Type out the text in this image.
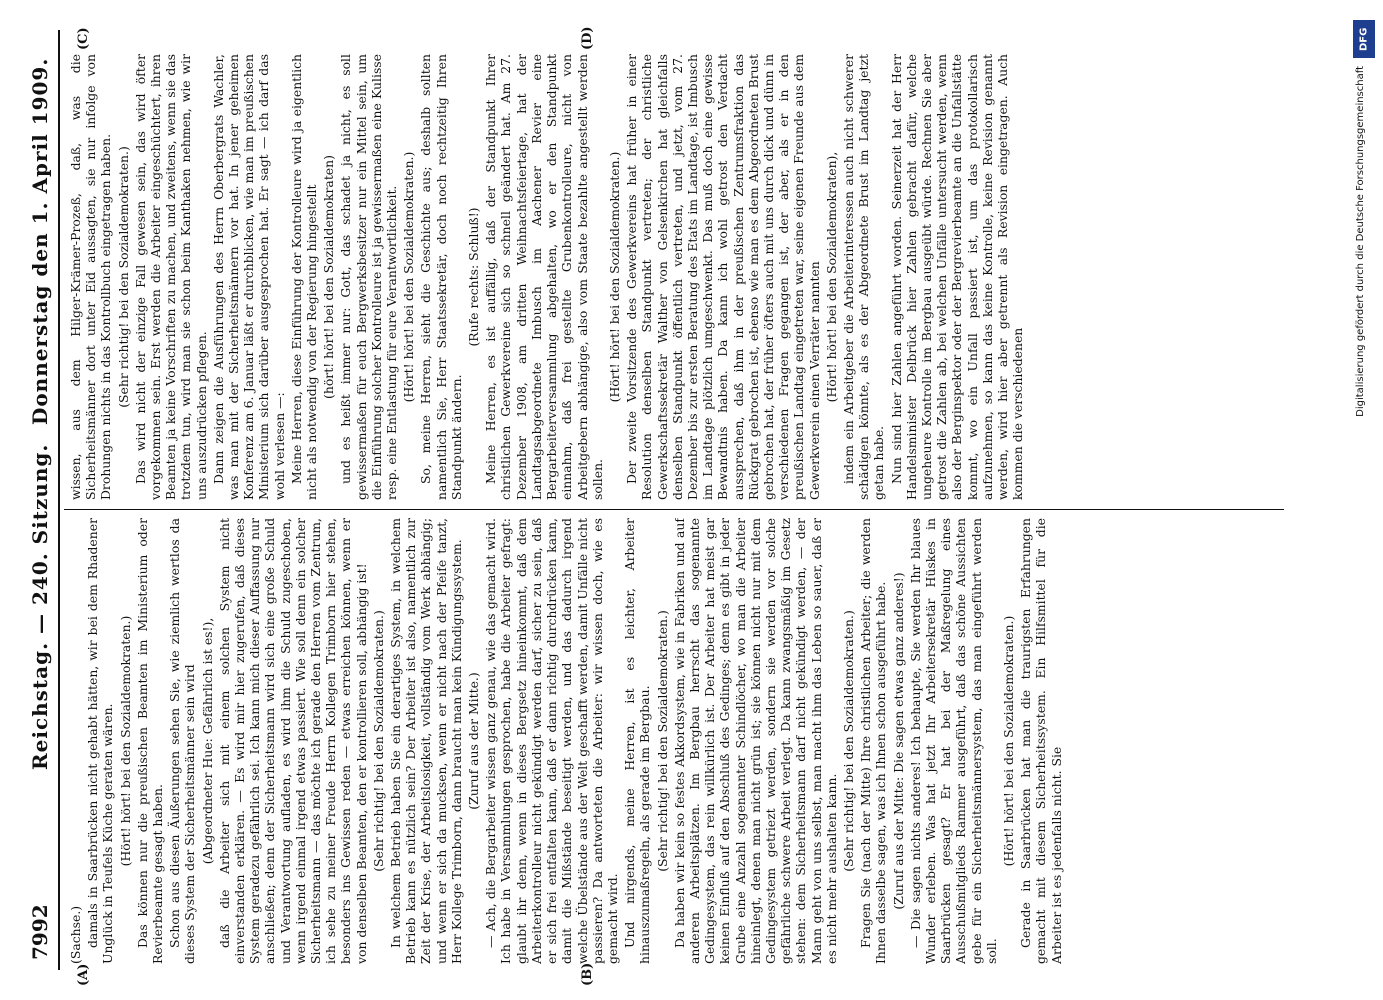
7992
Reichstag. — 240. Sitzung.
Donnerstag den 1. April 1909.
(A)	(B)
(C)	(D)

(Sachse.) damals in Saarbrücken nicht gehabt hätten, wir bei dem Rhadener Unglück in Teufels Küche geraten wären. (Hört! hört! bei den Sozialdemokraten.) Das können nur die preußischen Beamten im Ministerium oder Revierbeamte gesagt haben. Schon aus diesen Äußerungen sehen Sie, wie ziemlich wertlos da dieses System der Sicherheitsmänner sein wird (Abgeordneter Hue: Gefährlich ist es!), daß die Arbeiter sich mit einem solchen System nicht einverstanden erklären. — Es wird mir hier zugerufen, daß dieses System geradezu gefährlich sei. Ich kann mich dieser Auffassung nur anschließen; denn der Sicherheitsmann wird sich eine große Schuld und Verantwortung aufladen, es wird ihm die Schuld zugeschoben, wenn irgend einmal irgend etwas passiert. Wie soll denn ein solcher Sicherheitsmann — das möchte ich gerade den Herren vom Zentrum, ich sehe zu meiner Freude Herrn Kollegen Trimborn hier stehen, besonders ins Gewissen reden — etwas erreichen können, wenn er von denselben Beamten, den er kontrollieren soll, abhängig ist! (Sehr richtig! bei den Sozialdemokraten.) In welchem Betrieb haben Sie ein derartiges System, in welchem Betrieb kann es nützlich sein? Der Arbeiter ist also, namentlich zur Zeit der Krise, der Arbeitslosigkeit, vollständig vom Werk abhängig; und wenn er sich da mucksen, wenn er nicht nach der Pfeife tanzt, Herr Kollege Trimborn, dann braucht man kein Kündigungssystem. (Zuruf aus der Mitte.) — Ach, die Bergarbeiter wissen ganz genau, wie das gemacht wird. Ich habe in Versammlungen gesprochen, habe die Arbeiter gefragt: glaubt ihr denn, wenn in dieses Bergsetz hineinkommt, daß dem Arbeiterkontrolleur nicht gekündigt werden darf, sicher zu sein, daß er sich frei entfalten kann, daß er dann richtig durchdrücken kann, damit die Mißstände beseitigt werden, und das dadurch irgend welche Übelstände aus der Welt geschafft werden, damit Unfälle nicht passieren? Da antworteten die Arbeiter: wir wissen doch, wie es gemacht wird. Und nirgends, meine Herren, ist es leichter, Arbeiter hinauszumaßregeln, als gerade im Bergbau. (Sehr richtig! bei den Sozialdemokraten.) Da haben wir kein so festes Akkordsystem, wie in Fabriken und auf anderen Arbeitsplätzen. Im Bergbau herrscht das sogenannte Gedingesystem, das rein willkürlich ist. Der Arbeiter hat meist gar keinen Einfluß auf den Abschluß des Gedinges; denn es gibt in jeder Grube eine Anzahl sogenannter Schindlöcher, wo man die Arbeiter hineinlegt, denen man nicht grün ist; sie können nicht nur mit dem Gedingesystem getriezt werden, sondern sie werden vor solche gefährliche schwere Arbeit verlegt. Da kann zwangsmäßig im Gesetz stehen: dem Sicherheitsmann darf nicht gekündigt werden, — der Mann geht von uns selbst, man macht ihm das Leben so sauer, daß er es nicht mehr aushalten kann. (Sehr richtig! bei den Sozialdemokraten.) Fragen Sie (nach der Mitte) Ihre christlichen Arbeiter; die werden Ihnen dasselbe sagen, was ich Ihnen schon ausgeführt habe. (Zuruf aus der Mitte: Die sagen etwas ganz anderes!) — Die sagen nichts anderes! Ich behaupte, Sie werden Ihr blaues Wunder erleben. Was hat jetzt Ihr Arbeitersekretär Hüskes in Saarbrücken gesagt? Er hat bei der Maßregelung eines Ausschußmitglieds Rammer ausgeführt, daß das schöne Aussichten gebe für ein Sicherheitsmännersystem, das man eingeführt werden soll.

(Hört! hört! bei den Sozialdemokraten.) Gerade in Saarbrücken hat man die traurigsten Erfahrungen gemacht mit diesem Sicherheitssystem. Ein Hilfsmittel für die Arbeiter ist es jedenfalls nicht. Sie

wissen, aus dem Hilger-Krämer-Prozeß, daß, was die Sicherheitsmänner dort unter Eid aussagten, sie nur infolge von Drohungen nichts in das Kontrollbuch eingetragen haben. (Sehr richtig! bei den Sozialdemokraten.) Das wird nicht der einzige Fall gewesen sein, das wird öfter vorgekommen sein. Erst werden die Arbeiter eingeschüchtert, ihren Beamten ja keine Vorschriften zu machen, und zweitens, wenn sie das trotzdem tun, wird man sie schon beim Kanthaken nehmen, wie wir uns auszudrücken pflegen. Dann zeigen die Ausführungen des Herrn Oberbergrats Wachler, was man mit der Sicherheitsmännern vor hat. In jener geheimen Konferenz am 6. Januar läßt er durchblicken, wie man im preußischen Ministerium sich darüber ausgesprochen hat. Er sagt — ich darf das wohl verlesen —: Meine Herren, diese Einführung der Kontrolleure wird ja eigentlich nicht als notwendig von der Regierung hingestellt (hört! hört! bei den Sozialdemokraten) und es heißt immer nur: Gott, das schadet ja nicht, es soll gewissermaßen für euch Bergwerksbesitzer nur ein Mittel sein, um die Einführung solcher Kontrolleure ist ja gewissermaßen eine Kulisse resp. eine Entlastung für eure Verantwortlichkeit. (Hört! hört! bei den Sozialdemokraten.) So, meine Herren, sieht die Geschichte aus; deshalb sollten namentlich Sie, Herr Staatssekretär, doch noch rechtzeitig Ihren Standpunkt ändern.

(Rufe rechts: Schluß!) Meine Herren, es ist auffällig, daß der Standpunkt Ihrer christlichen Gewerkvereine sich so schnell geändert hat. Am 27. Dezember 1908, am dritten Weihnachtsfeiertage, hat der Landtagsabgeordnete Imbusch im Aachener Revier eine Bergarbeiterversammlung abgehalten, wo er den Standpunkt einnahm, daß frei gestellte Grubenkontrolleure, nicht von Arbeitgebern abhängige, also vom Staate bezahlte angestellt werden sollen.

(Hört! hört! bei den Sozialdemokraten.) Der zweite Vorsitzende des Gewerkvereins hat früher in einer Resolution denselben Standpunkt vertreten; der christliche Gewerkschaftssekretär Walther von Gelsenkirchen hat gleichfalls denselben Standpunkt öffentlich vertreten, und jetzt, vom 27. Dezember bis zur ersten Beratung des Etats im Landtage, ist Imbusch im Landtage plötzlich umgeschwenkt. Das muß doch eine gewisse Bewandtnis haben. Da kann ich wohl getrost den Verdacht aussprechen, daß ihm in der preußischen Zentrumsfraktion das Rückgrat gebrochen ist, ebenso wie man es dem Abgeordneten Brust gebrochen hat, der früher öfters auch mit uns durch dick und dünn in verschiedenen Fragen gegangen ist, der aber, als er in den preußischen Landtag eingetreten war, seine eigenen Freunde aus dem Gewerkverein einen Verräter nannten (Hört! hört! bei den Sozialdemokraten), indem ein Arbeitgeber die Arbeiterinteressen auch nicht schwerer schädigen könnte, als es der Abgeordnete Brust im Landtag jetzt getan habe. Nun sind hier Zahlen angeführt worden. Seinerzeit hat der Herr Handelsminister Delbrück hier Zahlen gebracht dafür, welche ungeheure Kontrolle im Bergbau ausgeübt würde. Rechnen Sie aber getrost die Zahlen ab, bei welchen Unfälle untersucht werden, wenn also der Berginspektor oder der Bergrevierbeamte an die Unfallstätte kommt, wo ein Unfall passiert ist, um das protokollarisch aufzunehmen, so kann das keine Kontrolle, keine Revision genannt werden, wird hier aber getrennt als Revision eingetragen. Auch kommen die verschiedenen

DFG
Digitalisierung gefördert durch die Deutsche Forschungsgemeinschaft
